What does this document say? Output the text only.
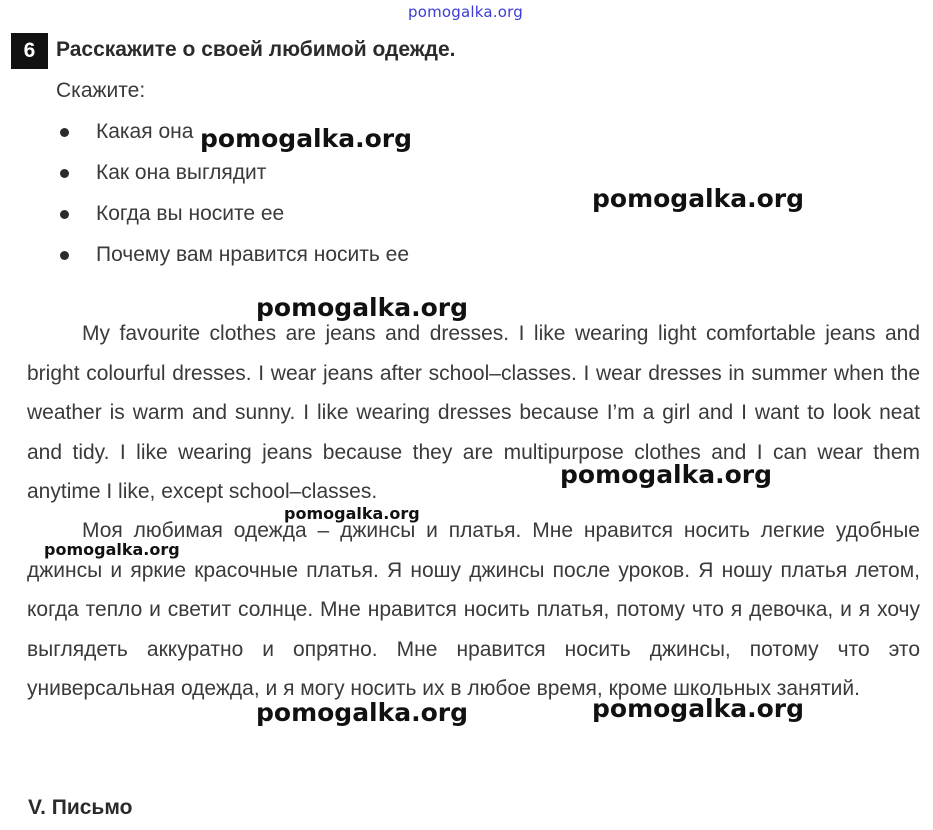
pomogalka.org
6 Расскажите о своей любимой одежде.
Скажите:
Какая она
Как она выглядит
Когда вы носите ее
Почему вам нравится носить ее

My favourite clothes are jeans and dresses. I like wearing light comfortable jeans and bright colourful dresses. I wear jeans after school–classes. I wear dresses in summer when the weather is warm and sunny. I like wearing dresses because I’m a girl and I want to look neat and tidy. I like wearing jeans because they are multipurpose clothes and I can wear them anytime I like, except school–classes.

Моя любимая одежда – джинсы и платья. Мне нравится носить легкие удобные джинсы и яркие красочные платья. Я ношу джинсы после уроков. Я ношу платья летом, когда тепло и светит солнце. Мне нравится носить платья, потому что я девочка, и я хочу выглядеть аккуратно и опрятно. Мне нравится носить джинсы, потому что это универсальная одежда, и я могу носить их в любое время, кроме школьных занятий.

V. Письмо
pomogalka.org
pomogalka.org
pomogalka.org
pomogalka.org
pomogalka.org
pomogalka.org
pomogalka.org	pomogalka.org
